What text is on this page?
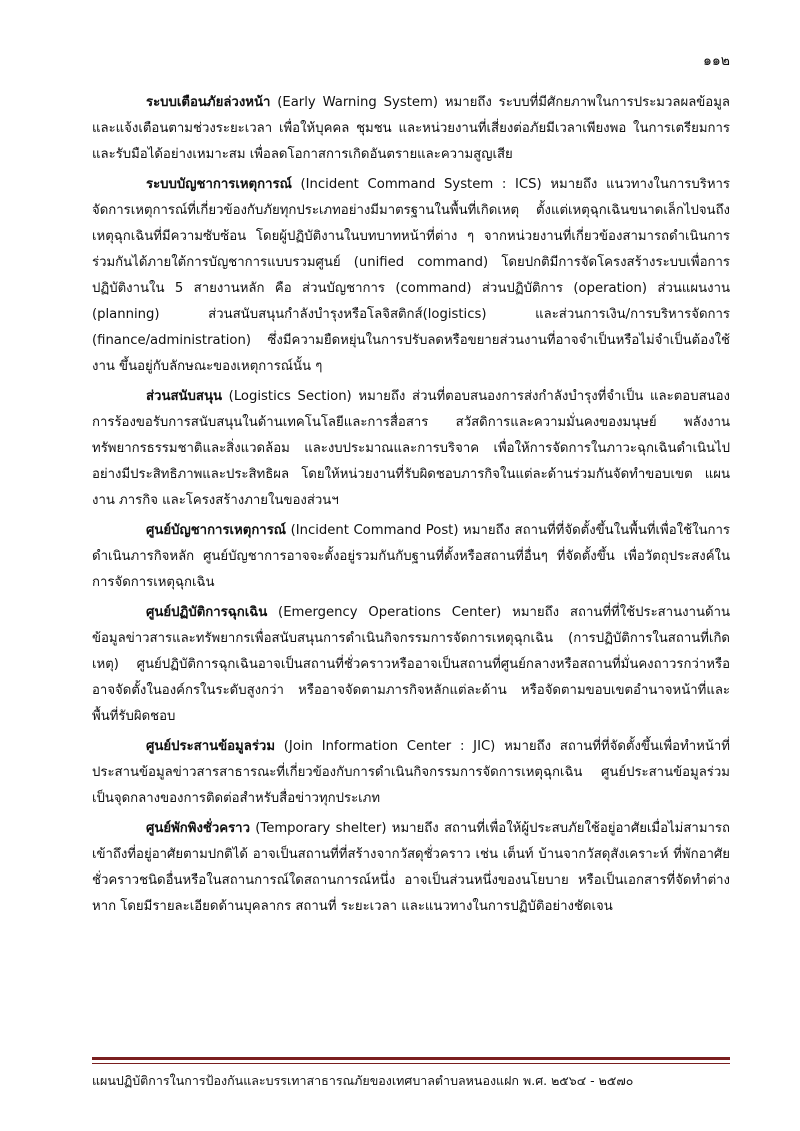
๑๑๒

ระบบเตือนภัยล่วงหน้า (Early Warning System) หมายถึง ระบบที่มีศักยภาพในการประมวลผลข้อมูลและแจ้งเตือนตามช่วงระยะเวลา เพื่อให้บุคคล ชุมชน และหน่วยงานที่เสี่ยงต่อภัยมีเวลาเพียงพอ ในการเตรียมการและรับมือได้อย่างเหมาะสม เพื่อลดโอกาสการเกิดอันตรายและความสูญเสีย

ระบบบัญชาการเหตุการณ์ (Incident Command System : ICS) หมายถึง แนวทางในการบริหารจัดการเหตุการณ์ที่เกี่ยวข้องกับภัยทุกประเภทอย่างมีมาตรฐานในพื้นที่เกิดเหตุ ตั้งแต่เหตุฉุกเฉินขนาดเล็กไปจนถึงเหตุฉุกเฉินที่มีความซับซ้อน โดยผู้ปฏิบัติงานในบทบาทหน้าที่ต่าง ๆ จากหน่วยงานที่เกี่ยวข้องสามารถดำเนินการร่วมกันได้ภายใต้การบัญชาการแบบรวมศูนย์ (unified command) โดยปกติมีการจัดโครงสร้างระบบเพื่อการปฏิบัติงานใน 5 สายงานหลัก คือ ส่วนบัญชาการ (command) ส่วนปฏิบัติการ (operation) ส่วนแผนงาน (planning) ส่วนสนับสนุนกำลังบำรุงหรือโลจิสติกส์(logistics) และส่วนการเงิน/การบริหารจัดการ (finance/administration) ซึ่งมีความยืดหยุ่นในการปรับลดหรือขยายส่วนงานที่อาจจำเป็นหรือไม่จำเป็นต้องใช้งาน ขึ้นอยู่กับลักษณะของเหตุการณ์นั้น ๆ

ส่วนสนับสนุน (Logistics Section) หมายถึง ส่วนที่ตอบสนองการส่งกำลังบำรุงที่จำเป็น และตอบสนองการร้องขอรับการสนับสนุนในด้านเทคโนโลยีและการสื่อสาร สวัสดิการและความมั่นคงของมนุษย์ พลังงาน ทรัพยากรธรรมชาติและสิ่งแวดล้อม และงบประมาณและการบริจาค เพื่อให้การจัดการในภาวะฉุกเฉินดำเนินไปอย่างมีประสิทธิภาพและประสิทธิผล โดยให้หน่วยงานที่รับผิดชอบภารกิจในแต่ละด้านร่วมกันจัดทำขอบเขต แผนงาน ภารกิจ และโครงสร้างภายในของส่วนฯ

ศูนย์บัญชาการเหตุการณ์ (Incident Command Post) หมายถึง สถานที่ที่จัดตั้งขึ้นในพื้นที่เพื่อใช้ในการดำเนินภารกิจหลัก ศูนย์บัญชาการอาจจะตั้งอยู่รวมกันกับฐานที่ตั้งหรือสถานที่อื่นๆ ที่จัดตั้งขึ้น เพื่อวัตถุประสงค์ในการจัดการเหตุฉุกเฉิน

ศูนย์ปฏิบัติการฉุกเฉิน (Emergency Operations Center) หมายถึง สถานที่ที่ใช้ประสานงานด้านข้อมูลข่าวสารและทรัพยากรเพื่อสนับสนุนการดำเนินกิจกรรมการจัดการเหตุฉุกเฉิน (การปฏิบัติการในสถานที่เกิดเหตุ) ศูนย์ปฏิบัติการฉุกเฉินอาจเป็นสถานที่ชั่วคราวหรืออาจเป็นสถานที่ศูนย์กลางหรือสถานที่มั่นคงถาวรกว่าหรืออาจจัดตั้งในองค์กรในระดับสูงกว่า หรืออาจจัดตามภารกิจหลักแต่ละด้าน หรือจัดตามขอบเขตอำนาจหน้าที่และพื้นที่รับผิดชอบ

ศูนย์ประสานข้อมูลร่วม (Join Information Center : JIC) หมายถึง สถานที่ที่จัดตั้งขึ้นเพื่อทำหน้าที่ประสานข้อมูลข่าวสารสาธารณะที่เกี่ยวข้องกับการดำเนินกิจกรรมการจัดการเหตุฉุกเฉิน ศูนย์ประสานข้อมูลร่วมเป็นจุดกลางของการติดต่อสำหรับสื่อข่าวทุกประเภท

ศูนย์พักพิงชั่วคราว (Temporary shelter) หมายถึง สถานที่เพื่อให้ผู้ประสบภัยใช้อยู่อาศัยเมื่อไม่สามารถเข้าถึงที่อยู่อาศัยตามปกติได้ อาจเป็นสถานที่ที่สร้างจากวัสดุชั่วคราว เช่น เต็นท์ บ้านจากวัสดุสังเคราะห์ ที่พักอาศัยชั่วคราวชนิดอื่นหรือในสถานการณ์ใดสถานการณ์หนึ่ง อาจเป็นส่วนหนึ่งของนโยบาย หรือเป็นเอกสารที่จัดทำต่างหาก โดยมีรายละเอียดด้านบุคลากร สถานที่ ระยะเวลา และแนวทางในการปฏิบัติอย่างชัดเจน

แผนปฏิบัติการในการป้องกันและบรรเทาสาธารณภัยของเทศบาลตำบลหนองแฝก พ.ศ. ๒๕๖๔ - ๒๕๗๐
